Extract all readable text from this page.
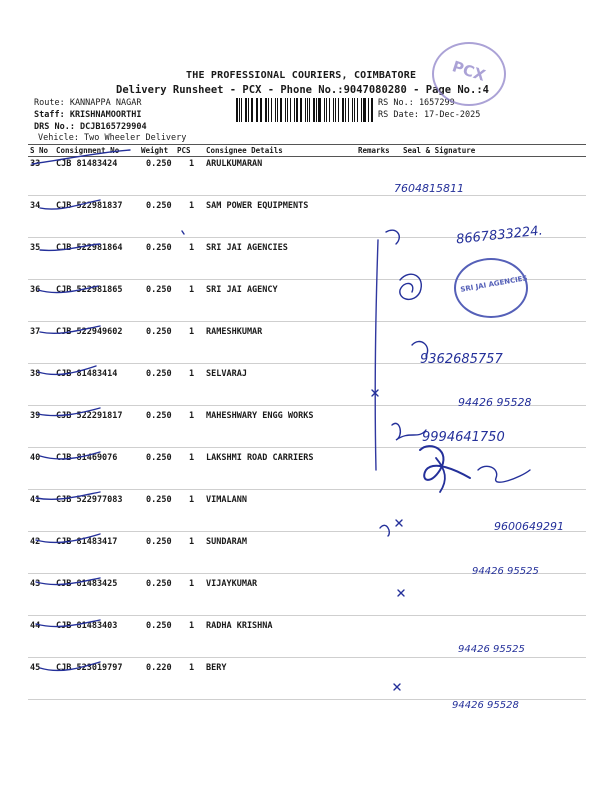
THE PROFESSIONAL COURIERS, COIMBATORE
Delivery Runsheet - PCX - Phone No.:9047080280 - Page No.:4
Route: KANNAPPA NAGAR
Staff: KRISHNAMOORTHI
DRS No.: DCJB165729904
Vehicle: Two Wheeler Delivery
RS No.: 1657299
RS Date: 17-Dec-2025
PCX
S No Consignment No	Weight PCS Consignee Details	Remarks Seal & Signature
33 CJB 81483424	0.250 1 ARULKUMARAN
34 CJB 522981837	0.250 1 SAM POWER EQUIPMENTS
35 CJB 522981864	0.250 1 SRI JAI AGENCIES
36 CJB 522981865	0.250 1 SRI JAI AGENCY
37 CJB 522949602	0.250 1 RAMESHKUMAR
38 CJB 81483414	0.250 1 SELVARAJ
39 CJB 522291817	0.250 1 MAHESHWARY ENGG WORKS
40 CJB 81469076	0.250 1 LAKSHMI ROAD CARRIERS
41 CJB 522977083	0.250 1 VIMALANN
42 CJB 81483417	0.250 1 SUNDARAM
43 CJB 81483425	0.250 1 VIJAYKUMAR
44 CJB 81483403	0.250 1 RADHA KRISHNA
45 CJB 523019797	0.220 1 BERY
SRI JAI AGENCIES
7604815811
8667833224.
9362685757
94426 95528
9994641750
9600649291
94426 95525
94426 95525
94426 95528
